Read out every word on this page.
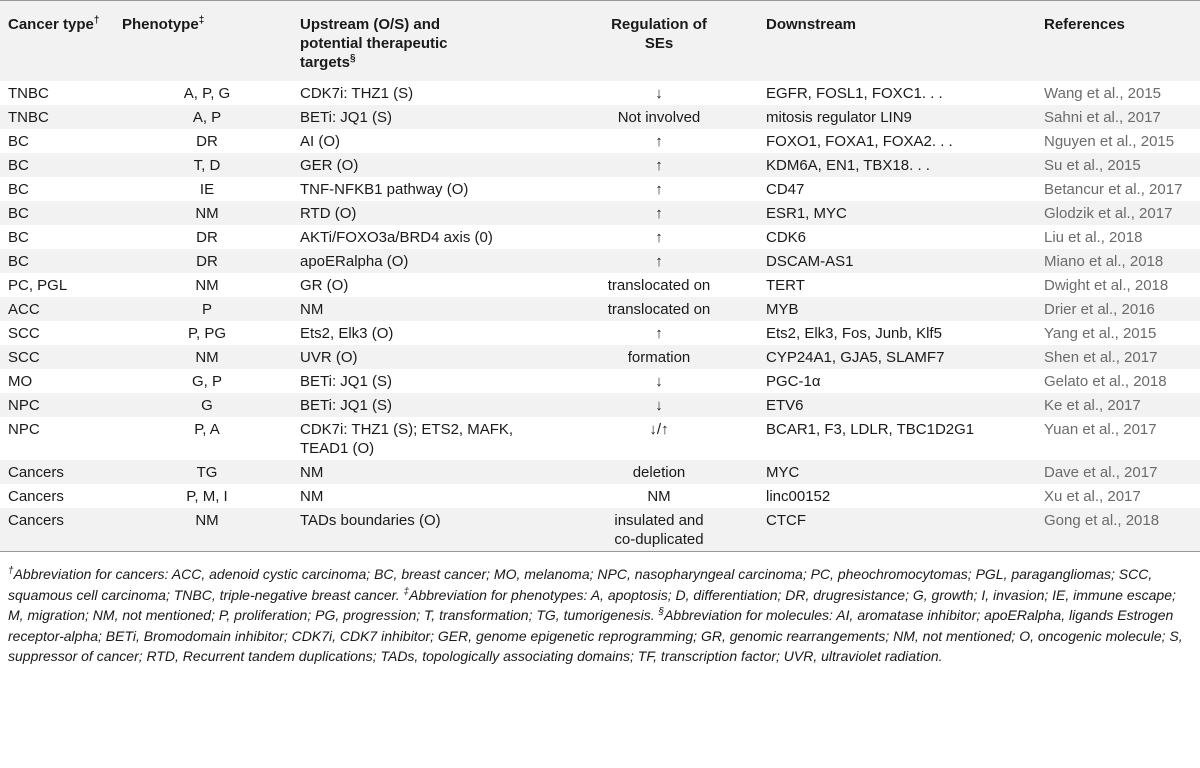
Cancer type†	Phenotype‡	Upstream (O/S) and
potential therapeutic
targets§	Regulation of
SEs	Downstream	References
TNBC	A, P, G	CDK7i: THZ1 (S)	↓	EGFR, FOSL1, FOXC1. . .	Wang et al., 2015
TNBC	A, P	BETi: JQ1 (S)	Not involved	mitosis regulator LIN9	Sahni et al., 2017
BC	DR	AI (O)	↑	FOXO1, FOXA1, FOXA2. . .	Nguyen et al., 2015
BC	T, D	GER (O)	↑	KDM6A, EN1, TBX18. . .	Su et al., 2015
BC	IE	TNF-NFKB1 pathway (O)	↑	CD47	Betancur et al., 2017
BC	NM	RTD (O)	↑	ESR1, MYC	Glodzik et al., 2017
BC	DR	AKTi/FOXO3a/BRD4 axis (0)	↑	CDK6	Liu et al., 2018
BC	DR	apoERalpha (O)	↑	DSCAM-AS1	Miano et al., 2018
PC, PGL	NM	GR (O)	translocated on	TERT	Dwight et al., 2018
ACC	P	NM	translocated on	MYB	Drier et al., 2016
SCC	P, PG	Ets2, Elk3 (O)	↑	Ets2, Elk3, Fos, Junb, Klf5	Yang et al., 2015
SCC	NM	UVR (O)	formation	CYP24A1, GJA5, SLAMF7	Shen et al., 2017
MO	G, P	BETi: JQ1 (S)	↓	PGC-1α	Gelato et al., 2018
NPC	G	BETi: JQ1 (S)	↓	ETV6	Ke et al., 2017
NPC	P, A	CDK7i: THZ1 (S); ETS2, MAFK,
TEAD1 (O)	↓/↑	BCAR1, F3, LDLR, TBC1D2G1	Yuan et al., 2017
Cancers	TG	NM	deletion	MYC	Dave et al., 2017
Cancers	P, M, I	NM	NM	linc00152	Xu et al., 2017
Cancers	NM	TADs boundaries (O)	insulated and
co-duplicated	CTCF	Gong et al., 2018

†Abbreviation for cancers: ACC, adenoid cystic carcinoma; BC, breast cancer; MO, melanoma; NPC, nasopharyngeal carcinoma; PC, pheochromocytomas; PGL, paragangliomas; SCC, squamous cell carcinoma; TNBC, triple-negative breast cancer. ‡Abbreviation for phenotypes: A, apoptosis; D, differentiation; DR, drugresistance; G, growth; I, invasion; IE, immune escape; M, migration; NM, not mentioned; P, proliferation; PG, progression; T, transformation; TG, tumorigenesis. §Abbreviation for molecules: AI, aromatase inhibitor; apoERalpha, ligands Estrogen receptor-alpha; BETi, Bromodomain inhibitor; CDK7i, CDK7 inhibitor; GER, genome epigenetic reprogramming; GR, genomic rearrangements; NM, not mentioned; O, oncogenic molecule; S, suppressor of cancer; RTD, Recurrent tandem duplications; TADs, topologically associating domains; TF, transcription factor; UVR, ultraviolet radiation.
